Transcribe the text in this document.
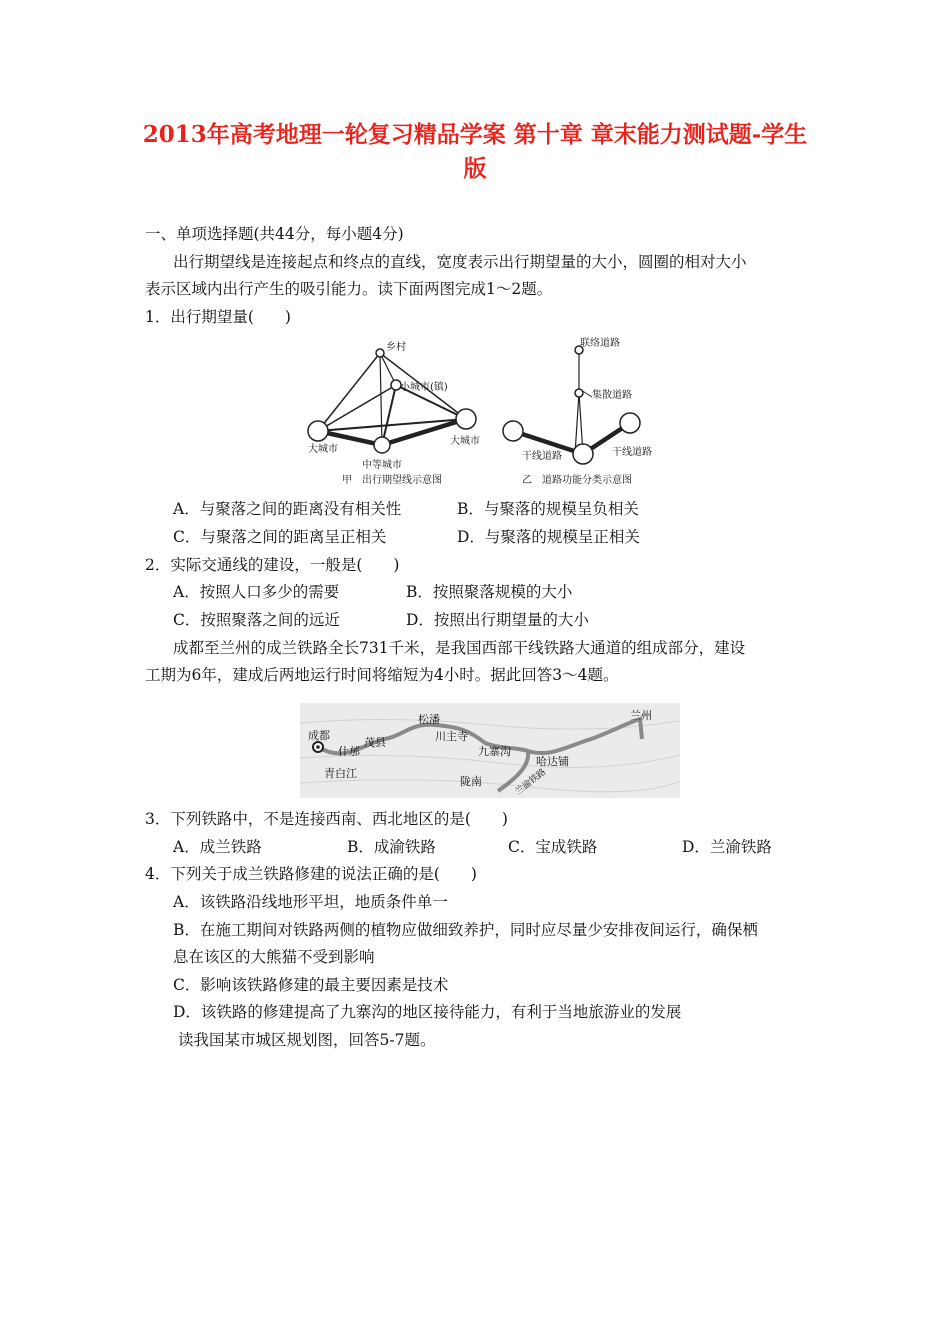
2013年高考地理一轮复习精品学案 第十章 章末能力测试题-学生
版
一、单项选择题(共44分，每小题4分)
出行期望线是连接起点和终点的直线，宽度表示出行期望量的大小，圆圈的相对大小
表示区域内出行产生的吸引能力。读下面两图完成1～2题。
1．出行期望量(　　)
乡村
小城市(镇)
大城市
大城市
中等城市
甲　出行期望线示意图
联络道路
集散道路
干线道路	干线道路
乙　道路功能分类示意图
A．与聚落之间的距离没有相关性	B．与聚落的规模呈负相关
C．与聚落之间的距离呈正相关	D．与聚落的规模呈正相关
2．实际交通线的建设，一般是(　　)
A．按照人口多少的需要	B．按照聚落规模的大小
C．按照聚落之间的远近	D．按照出行期望量的大小
成都至兰州的成兰铁路全长731千米，是我国西部干线铁路大通道的组成部分，建设
工期为6年，建成后两地运行时间将缩短为4小时。据此回答3～4题。
成都
什邡
青白江
茂县
松潘
川主寺
九寨沟
陇南
哈达铺
兰州
兰渝铁路
3．下列铁路中，不是连接西南、西北地区的是(　　)
A．成兰铁路	B．成渝铁路	C．宝成铁路	D．兰渝铁路
4．下列关于成兰铁路修建的说法正确的是(　　)
A．该铁路沿线地形平坦，地质条件单一
B．在施工期间对铁路两侧的植物应做细致养护，同时应尽量少安排夜间运行，确保栖
息在该区的大熊猫不受到影响
C．影响该铁路修建的最主要因素是技术
D．该铁路的修建提高了九寨沟的地区接待能力，有利于当地旅游业的发展
读我国某市城区规划图，回答5-7题。
